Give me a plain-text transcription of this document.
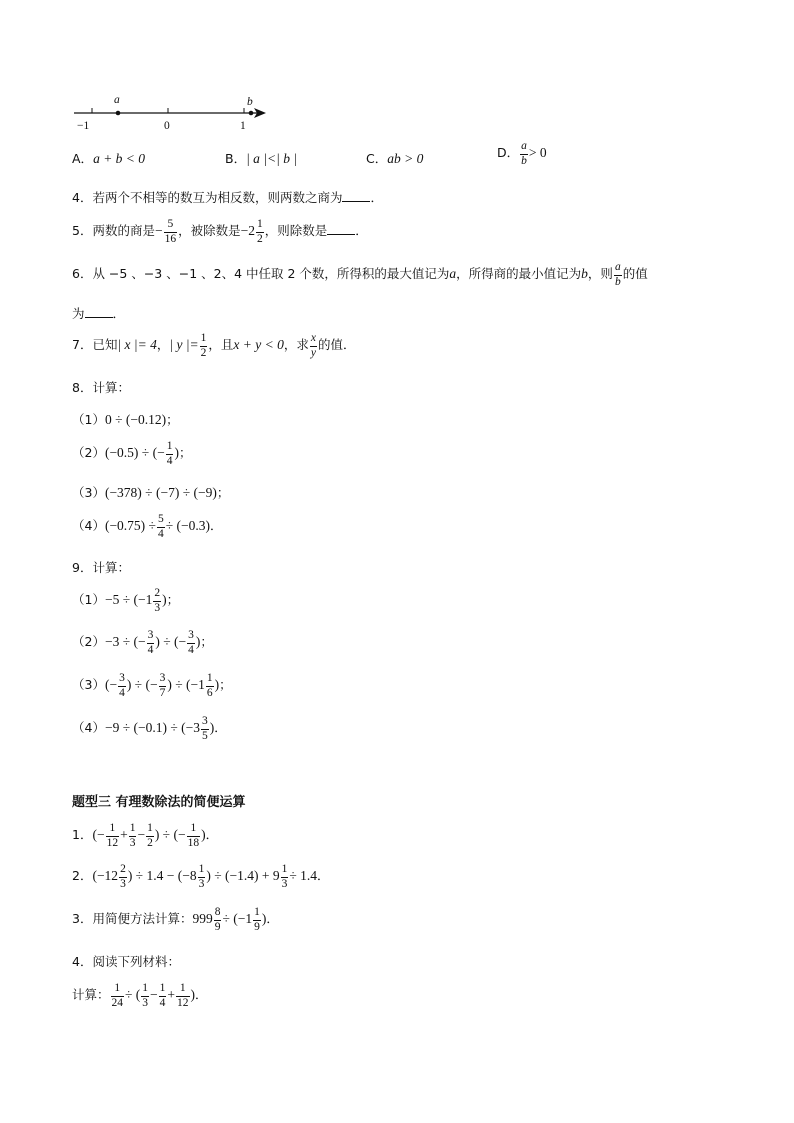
a	b
−1	0	1
A．a + b < 0	B．| a |<| b |	C．ab > 0	D． $\frac{a}{b} > 0$
4．若两个不相等的数互为相反数，则两数之商为 ．
5．两数的商是− $\frac{5}{16}$ ，被除数是$-2 \frac{1}{2}$ ，则除数是 ．
6．从 −5 、−3 、−1 、2、4 中任取 2 个数，所得积的最大值记为a，所得商的最小值记为b，则 $\frac{a}{b}$ 的值
为 ．
7．已知| x |= 4，| y |= $\frac{1}{2}$ ，且x + y < 0，求 $\frac{x}{y}$ 的值．
8．计算：
（1）0 ÷ (−0.12)；
（2）(−0.5) ÷ (− $\frac{1}{4}$ )；
（3）(−378) ÷ (−7) ÷ (−9)；
$(4)(-0.75) \div \frac{5}{4} \div (-0.3)$．
9．计算：
$(1)-5 \div (-1 \frac{2}{3}$ )；
（2）−3 ÷ (− $\frac{3}{4}$ ) ÷ (− $\frac{3}{4}$ )；
$(3)(- \frac{3}{4}$ ) ÷ (− $\frac{3}{7}$ ) ÷ ($-1 \frac{1}{6}$ )；
$(4)-9 \div (-0.1) \div (-3 \frac{3}{5}$ )．
题型三 有理数除法的简便运算
1．(− $\frac{1}{12} + \frac{1}{3} - \frac{1}{2}$ ) ÷ (− $\frac{1}{18}$ )．
2．($-12 \frac{2}{3}$ ) ÷ $1.4 - (-8 \frac{1}{3}$ ) ÷ $(-1.4) + 9 \frac{1}{3} \div 1.4$．
3．用简便方法计算：$999 \frac{8}{9} \div (-1 \frac{1}{9}$ )．
4．阅读下列材料：
计算： $\frac{1}{24}$ ÷ ( $\frac{1}{3} - \frac{1}{4} + \frac{1}{12}$ )．
